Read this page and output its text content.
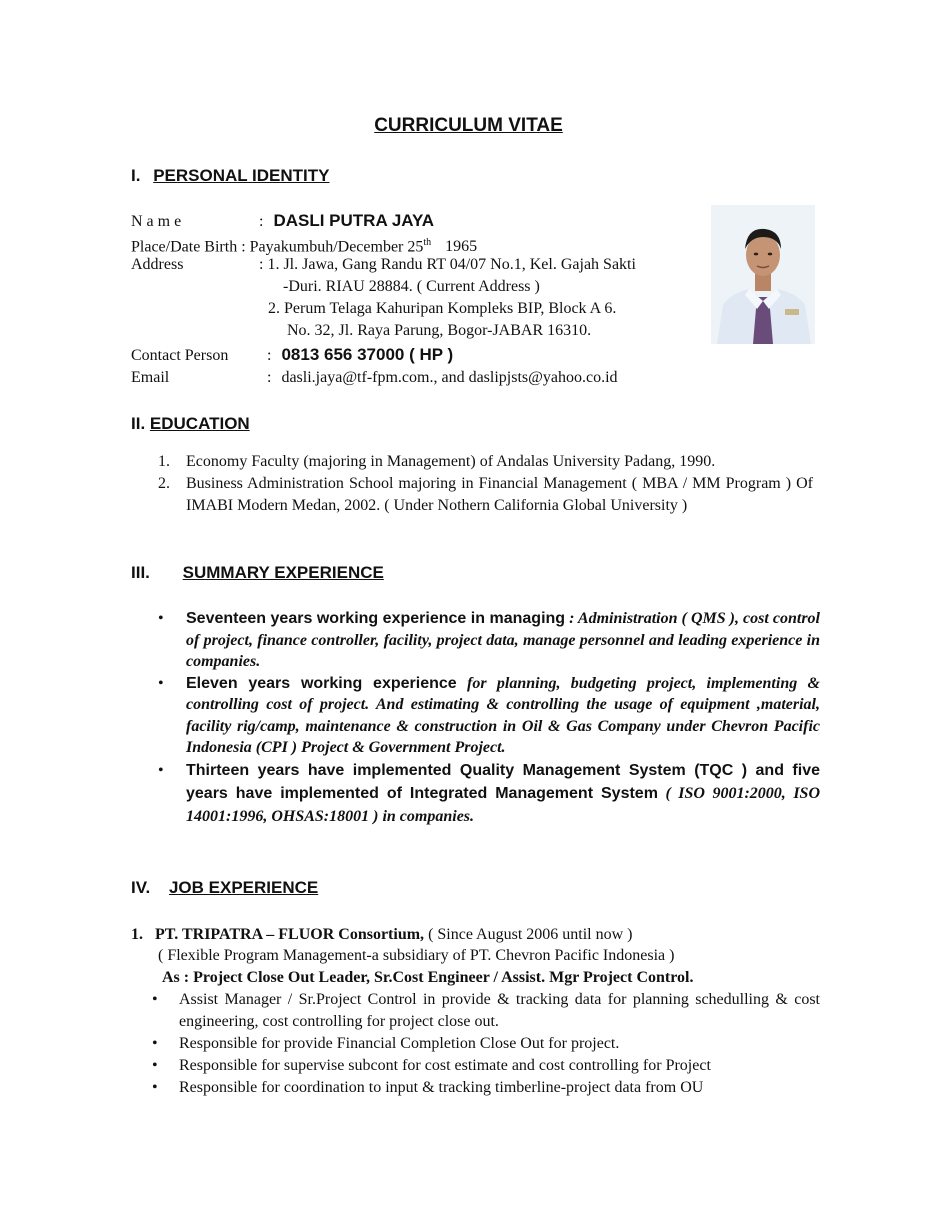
CURRICULUM VITAE
I. PERSONAL IDENTITY
N a m e	: DASLI PUTRA JAYA
Place/Date Birth : Payakumbuh/December 25th 1965
Address	: 1. Jl. Jawa, Gang Randu RT 04/07 No.1, Kel. Gajah Sakti
-Duri. RIAU 28884. ( Current Address )
2. Perum Telaga Kahuripan Kompleks BIP, Block A 6.
No. 32, Jl. Raya Parung, Bogor-JABAR 16310.
Contact Person : 0813 656 37000 ( HP )
Email	: dasli.jaya@tf-fpm.com., and daslipjsts@yahoo.co.id
II. EDUCATION
1. Economy Faculty (majoring in Management) of Andalas University Padang, 1990.
2. Business Administration School majoring in Financial Management ( MBA / MM Program ) Of IMABI Modern Medan, 2002. ( Under Nothern California Global University )
III. SUMMARY EXPERIENCE
• Seventeen years working experience in managing : Administration ( QMS ), cost control of project, finance controller, facility, project data, manage personnel and leading experience in companies.
• Eleven years working experience for planning, budgeting project, implementing & controlling cost of project. And estimating & controlling the usage of equipment ,material, facility rig/camp, maintenance & construction in Oil & Gas Company under Chevron Pacific Indonesia (CPI ) Project & Government Project.
• Thirteen years have implemented Quality Management System (TQC ) and five years have implemented of Integrated Management System ( ISO 9001:2000, ISO 14001:1996, OHSAS:18001 ) in companies.
IV. JOB EXPERIENCE
1. PT. TRIPATRA – FLUOR Consortium, ( Since August 2006 until now )
( Flexible Program Management-a subsidiary of PT. Chevron Pacific Indonesia )
As : Project Close Out Leader, Sr.Cost Engineer / Assist. Mgr Project Control.
• Assist Manager / Sr.Project Control in provide & tracking data for planning schedulling & cost engineering, cost controlling for project close out.
• Responsible for provide Financial Completion Close Out for project.
• Responsible for supervise subcont for cost estimate and cost controlling for Project
• Responsible for coordination to input & tracking timberline-project data from OU
